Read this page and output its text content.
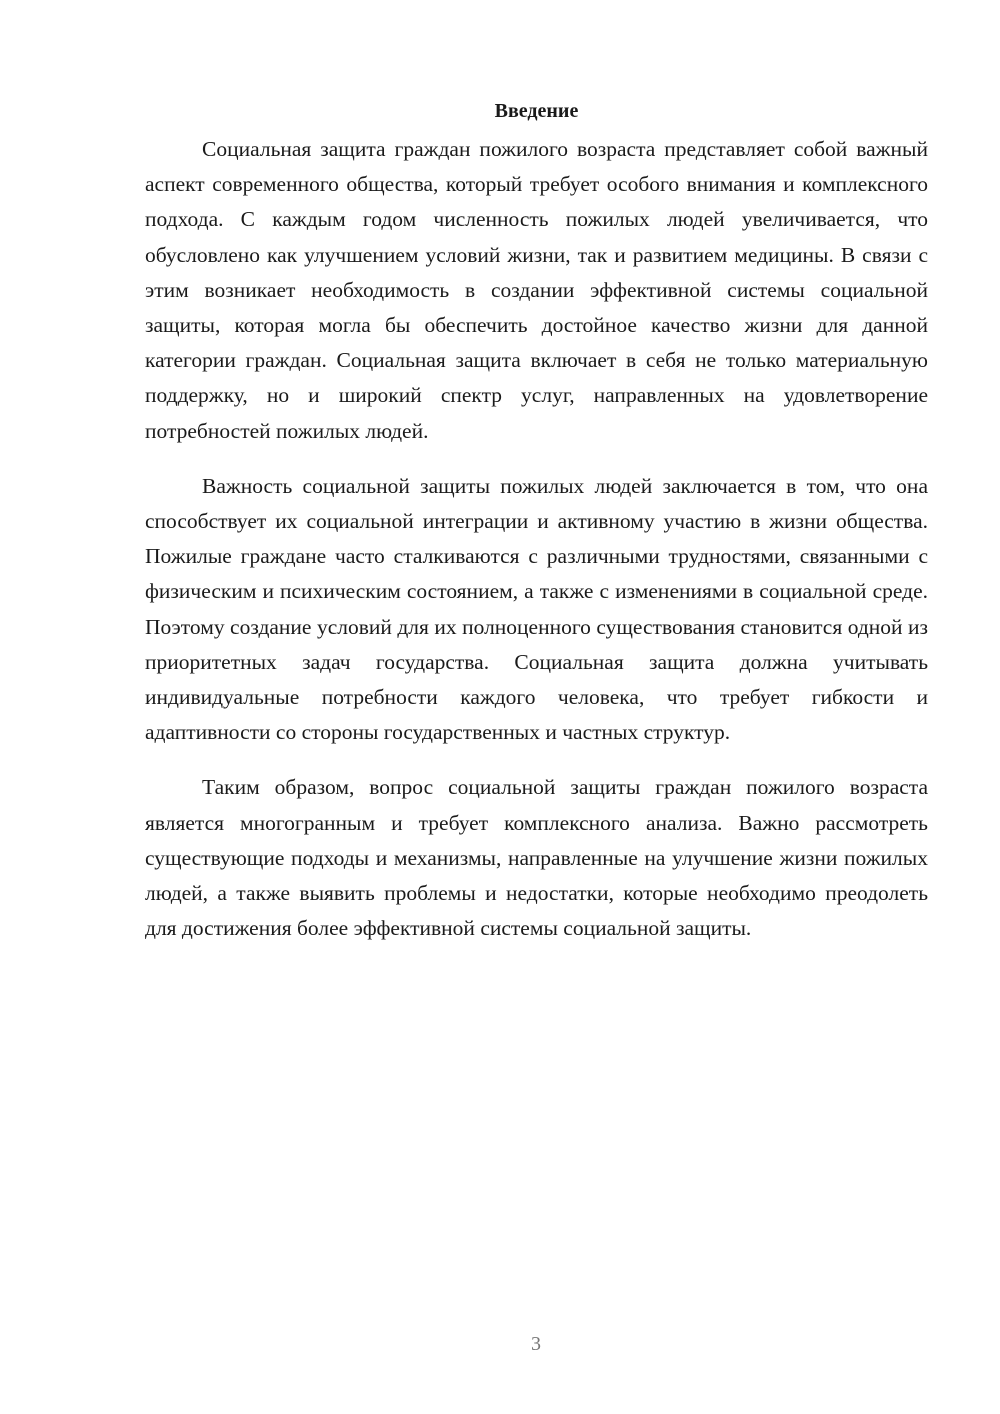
Введение

Социальная защита граждан пожилого возраста представляет собой важный аспект современного общества, который требует особого внимания и комплексного подхода. С каждым годом численность пожилых людей увеличивается, что обусловлено как улучшением условий жизни, так и развитием медицины. В связи с этим возникает необходимость в создании эффективной системы социальной защиты, которая могла бы обеспечить достойное качество жизни для данной категории граждан. Социальная защита включает в себя не только материальную поддержку, но и широкий спектр услуг, направленных на удовлетворение потребностей пожилых людей.

Важность социальной защиты пожилых людей заключается в том, что она способствует их социальной интеграции и активному участию в жизни общества. Пожилые граждане часто сталкиваются с различными трудностями, связанными с физическим и психическим состоянием, а также с изменениями в социальной среде. Поэтому создание условий для их полноценного существования становится одной из приоритетных задач государства. Социальная защита должна учитывать индивидуальные потребности каждого человека, что требует гибкости и адаптивности со стороны государственных и частных структур.

Таким образом, вопрос социальной защиты граждан пожилого возраста является многогранным и требует комплексного анализа. Важно рассмотреть существующие подходы и механизмы, направленные на улучшение жизни пожилых людей, а также выявить проблемы и недостатки, которые необходимо преодолеть для достижения более эффективной системы социальной защиты.

3
